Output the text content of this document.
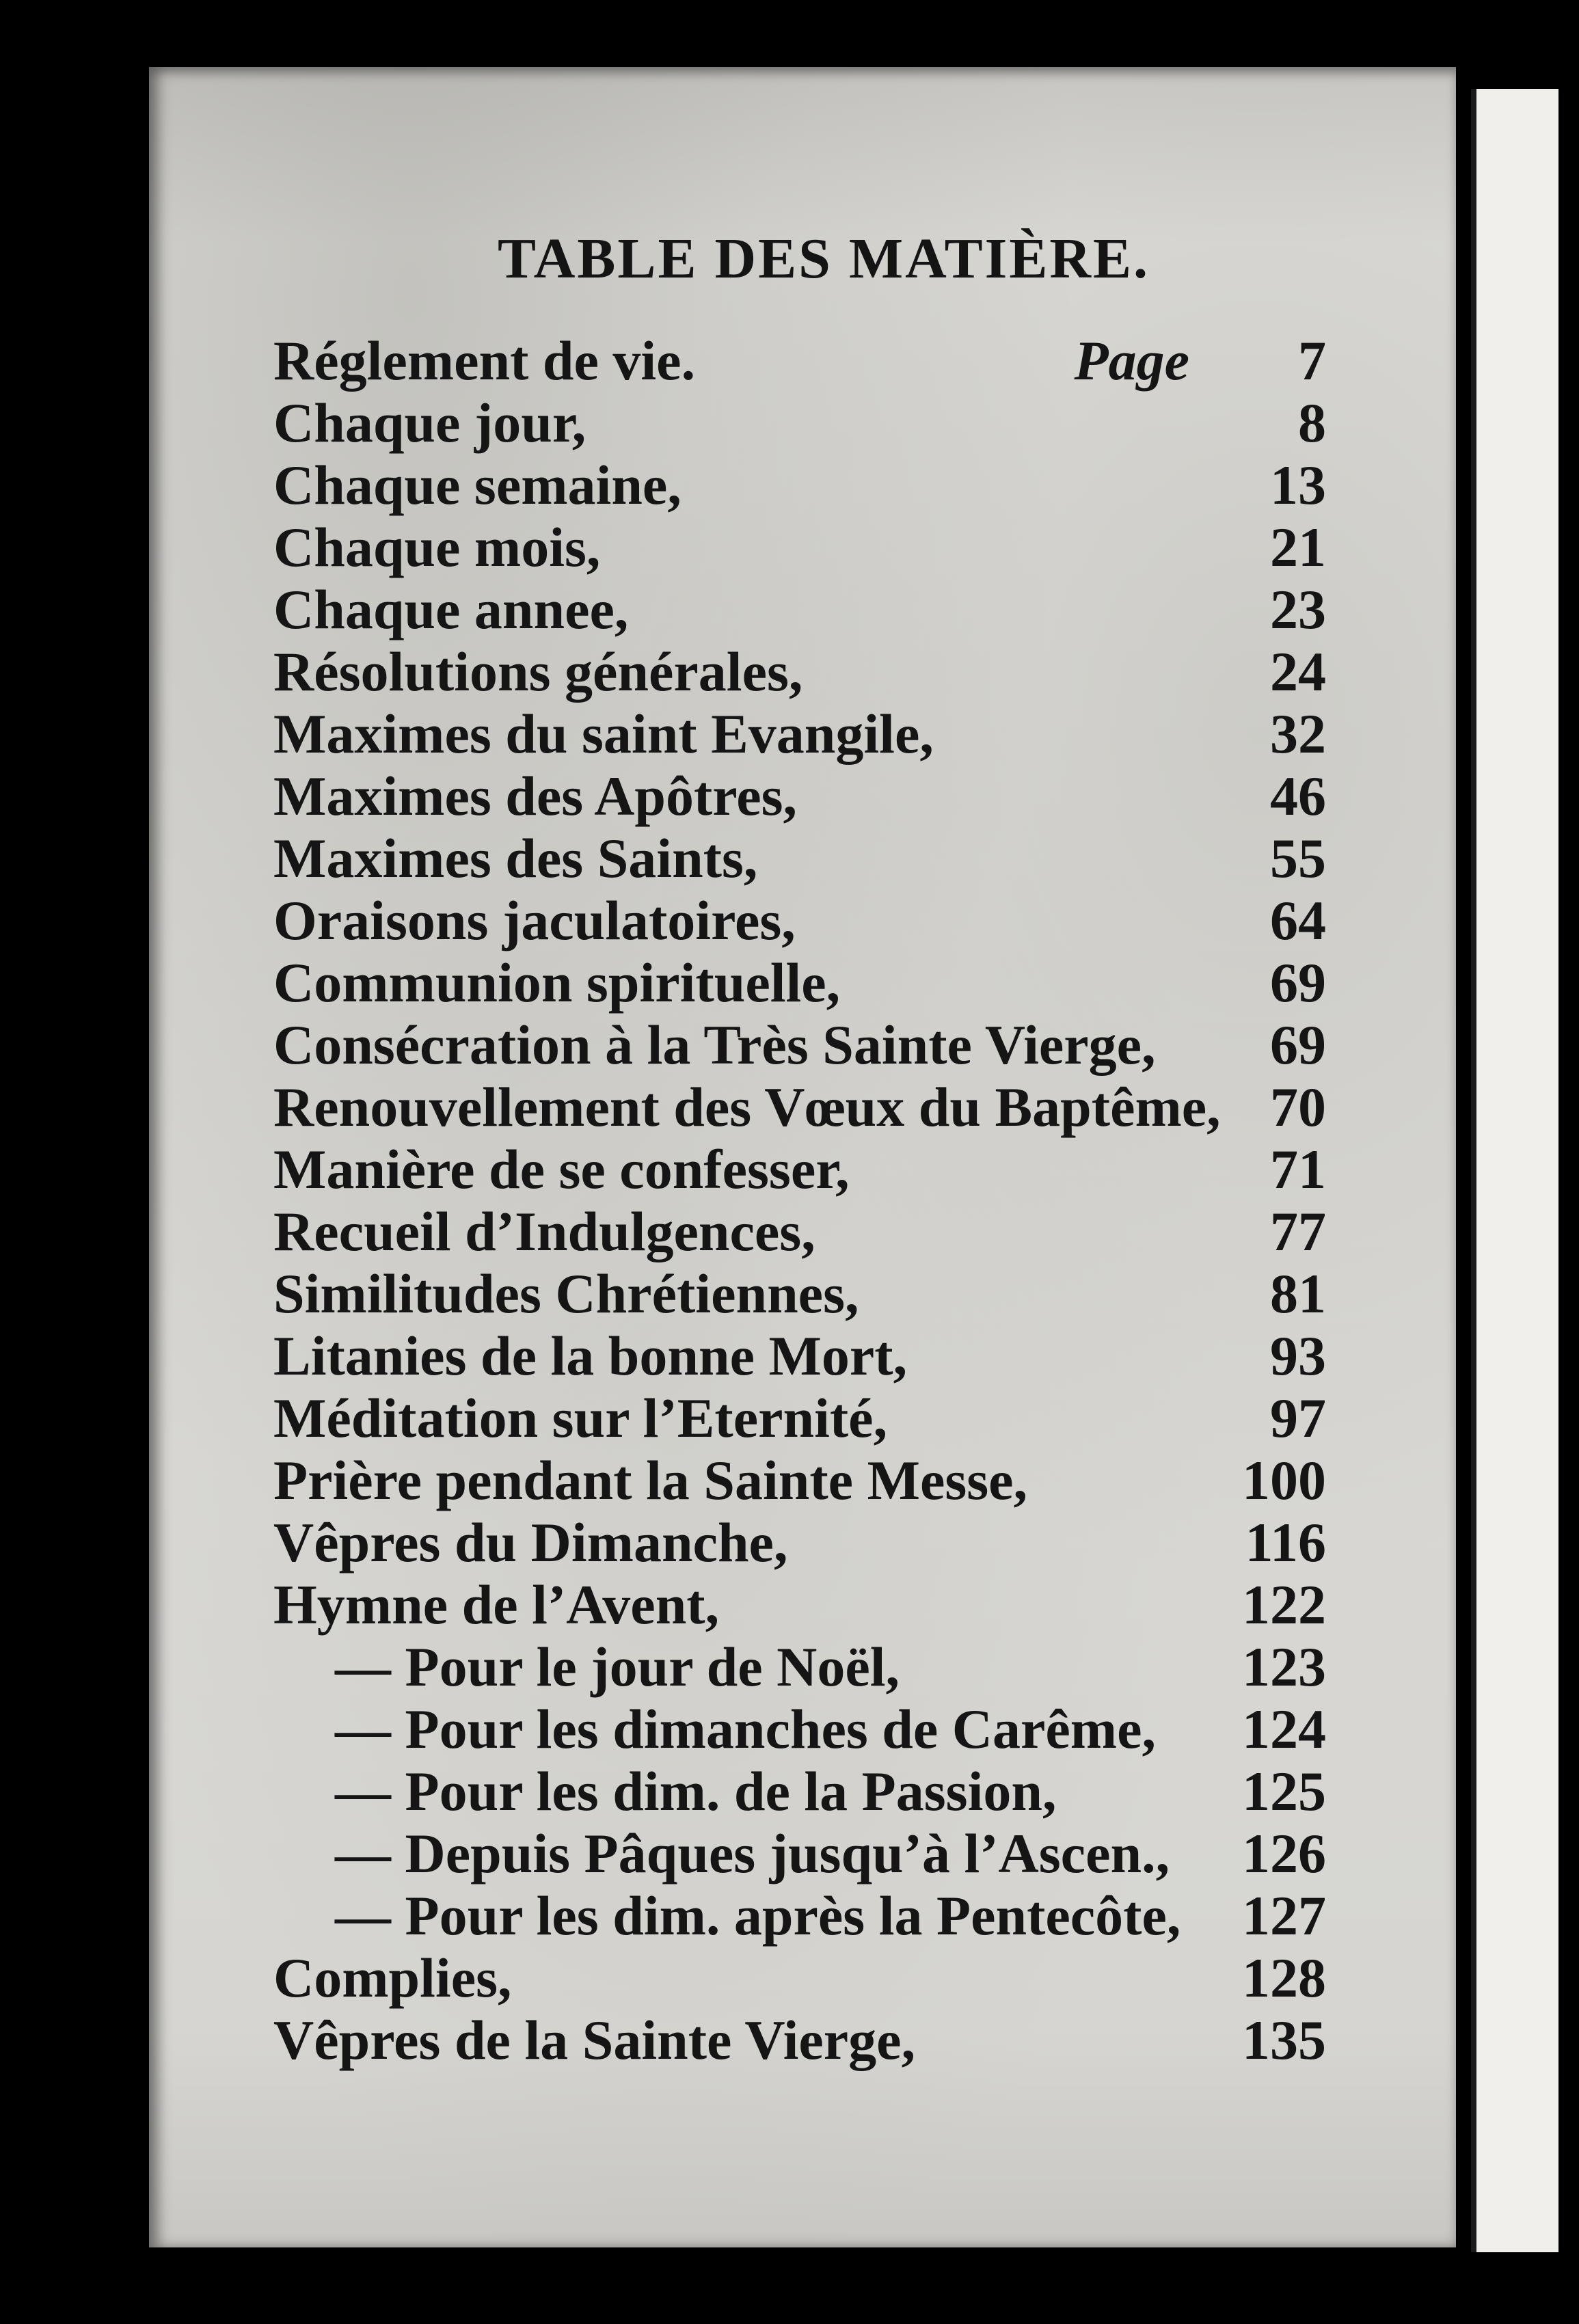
TABLE DES MATIÈRE.
Réglement de vie.	Page	7
Chaque jour,	8
Chaque semaine,	13
Chaque mois,	21
Chaque annee,	23
Résolutions générales,	24
Maximes du saint Evangile,	32
Maximes des Apôtres,	46
Maximes des Saints,	55
Oraisons jaculatoires,	64
Communion spirituelle,	69
Consécration à la Très Sainte Vierge,	69
Renouvellement des Vœux du Baptême, 70
Manière de se confesser,	71
Recueil d’Indulgences,	77
Similitudes Chrétiennes,	81
Litanies de la bonne Mort,	93
Méditation sur l’Eternité,	97
Prière pendant la Sainte Messe,	100
Vêpres du Dimanche,	116
Hymne de l’Avent,	122
— Pour le jour de Noël,	123
— Pour les dimanches de Carême,	124
— Pour les dim. de la Passion,	125
— Depuis Pâques jusqu’à l’Ascen.,	126
— Pour les dim. après la Pentecôte,	127
Complies,	128
Vêpres de la Sainte Vierge,	135
